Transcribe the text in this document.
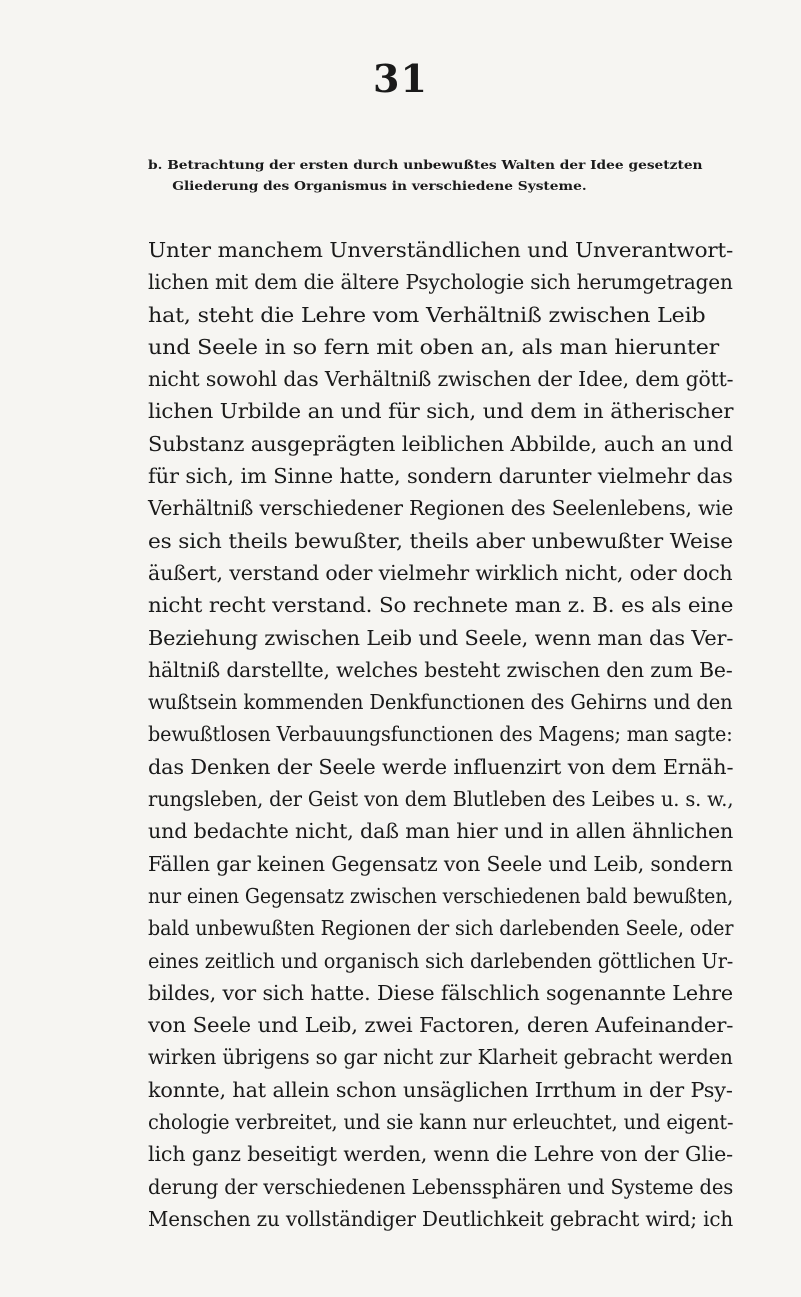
31
b. Betrachtung der ersten durch unbewußtes Walten der Idee gesetzten
Gliederung des Organismus in verschiedene Systeme.
Unter manchem Unverständlichen und Unverantwort-
lichen mit dem die ältere Psychologie sich herumgetragen
hat, steht die Lehre vom Verhältniß zwischen Leib
und Seele in so fern mit oben an, als man hierunter
nicht sowohl das Verhältniß zwischen der Idee, dem gött-
lichen Urbilde an und für sich, und dem in ätherischer
Substanz ausgeprägten leiblichen Abbilde, auch an und
für sich, im Sinne hatte, sondern darunter vielmehr das
Verhältniß verschiedener Regionen des Seelenlebens, wie
es sich theils bewußter, theils aber unbewußter Weise
äußert, verstand oder vielmehr wirklich nicht, oder doch
nicht recht verstand. So rechnete man z. B. es als eine
Beziehung zwischen Leib und Seele, wenn man das Ver-
hältniß darstellte, welches besteht zwischen den zum Be-
wußtsein kommenden Denkfunctionen des Gehirns und den
bewußtlosen Verbauungsfunctionen des Magens; man sagte:
das Denken der Seele werde influenzirt von dem Ernäh-
rungsleben, der Geist von dem Blutleben des Leibes u. s. w.,
und bedachte nicht, daß man hier und in allen ähnlichen
Fällen gar keinen Gegensatz von Seele und Leib, sondern
nur einen Gegensatz zwischen verschiedenen bald bewußten,
bald unbewußten Regionen der sich darlebenden Seele, oder
eines zeitlich und organisch sich darlebenden göttlichen Ur-
bildes, vor sich hatte. Diese fälschlich sogenannte Lehre
von Seele und Leib, zwei Factoren, deren Aufeinander-
wirken übrigens so gar nicht zur Klarheit gebracht werden
konnte, hat allein schon unsäglichen Irrthum in der Psy-
chologie verbreitet, und sie kann nur erleuchtet, und eigent-
lich ganz beseitigt werden, wenn die Lehre von der Glie-
derung der verschiedenen Lebenssphären und Systeme des
Menschen zu vollständiger Deutlichkeit gebracht wird; ich
